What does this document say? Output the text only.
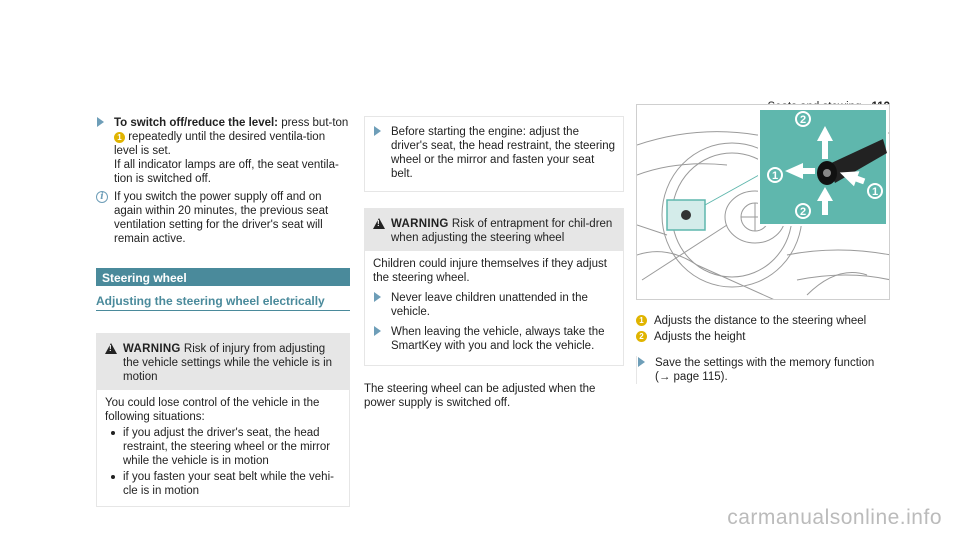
To switch off/reduce the level: press but-ton 1 repeatedly until the desired ventila-tion level is set.
If all indicator lamps are off, the seat ventila-tion is switched off.
i If you switch the power supply off and on again within 20 minutes, the previous seat ventilation setting for the driver's seat will remain active.
Steering wheel
Adjusting the steering wheel electrically
!
WARNING Risk of injury from adjusting the vehicle settings while the vehicle is in motion
You could lose control of the vehicle in the following situations:
if you adjust the driver's seat, the head restraint, the steering wheel or the mirror while the vehicle is in motion
if you fasten your seat belt while the vehi-cle is in motion
Before starting the engine: adjust the driver's seat, the head restraint, the steering wheel or the mirror and fasten your seat belt.
!
WARNING Risk of entrapment for chil-dren when adjusting the steering wheel
Children could injure themselves if they adjust the steering wheel.
Never leave children unattended in the vehicle.
When leaving the vehicle, always take the SmartKey with you and lock the vehicle.
The steering wheel can be adjusted when the power supply is switched off.
2
1
1
2
1 Adjusts the distance to the steering wheel
2 Adjusts the height
Save the settings with the memory function (→ page 115).
carmanualsonline.info
